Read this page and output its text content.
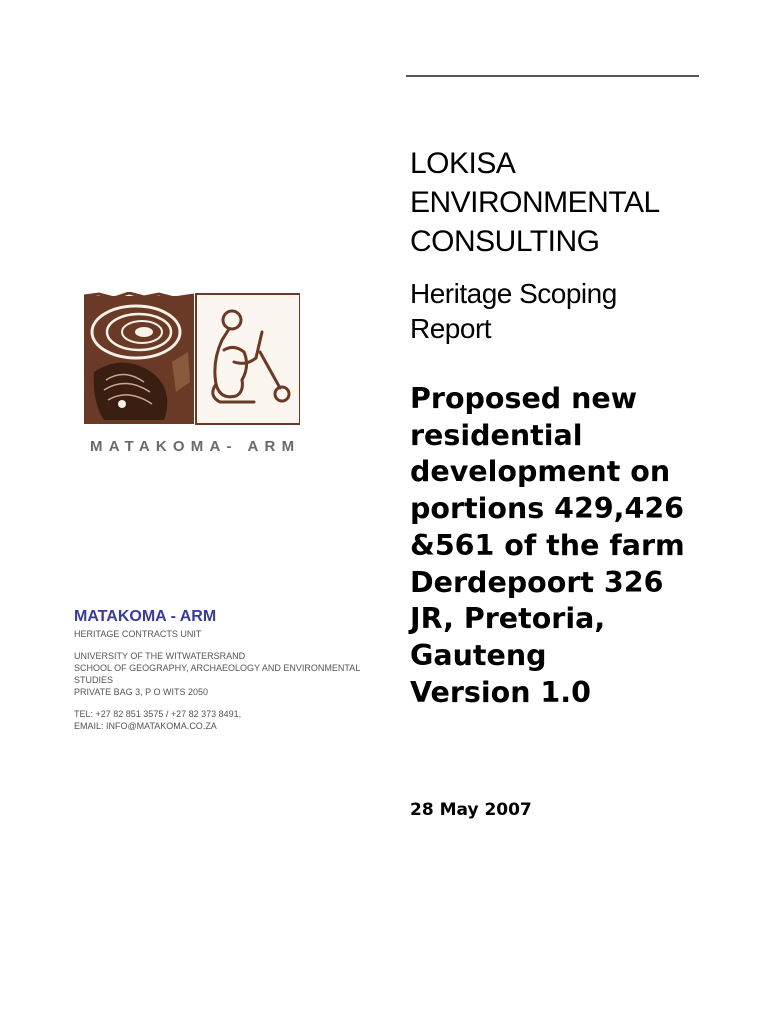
LOKISA
ENVIRONMENTAL
CONSULTING
Heritage Scoping
Report
Proposed new
residential
development on
portions 429,426
&561 of the farm
Derdepoort 326
JR, Pretoria,
Gauteng
Version 1.0
28 May 2007
MATAKOMA- ARM
MATAKOMA - ARM
HERITAGE CONTRACTS UNIT
UNIVERSITY OF THE WITWATERSRAND
SCHOOL OF GEOGRAPHY, ARCHAEOLOGY AND ENVIRONMENTAL
STUDIES
PRIVATE BAG 3, P O WITS 2050
TEL: +27 82 851 3575 / +27 82 373 8491,
EMAIL: INFO@MATAKOMA.CO.ZA
